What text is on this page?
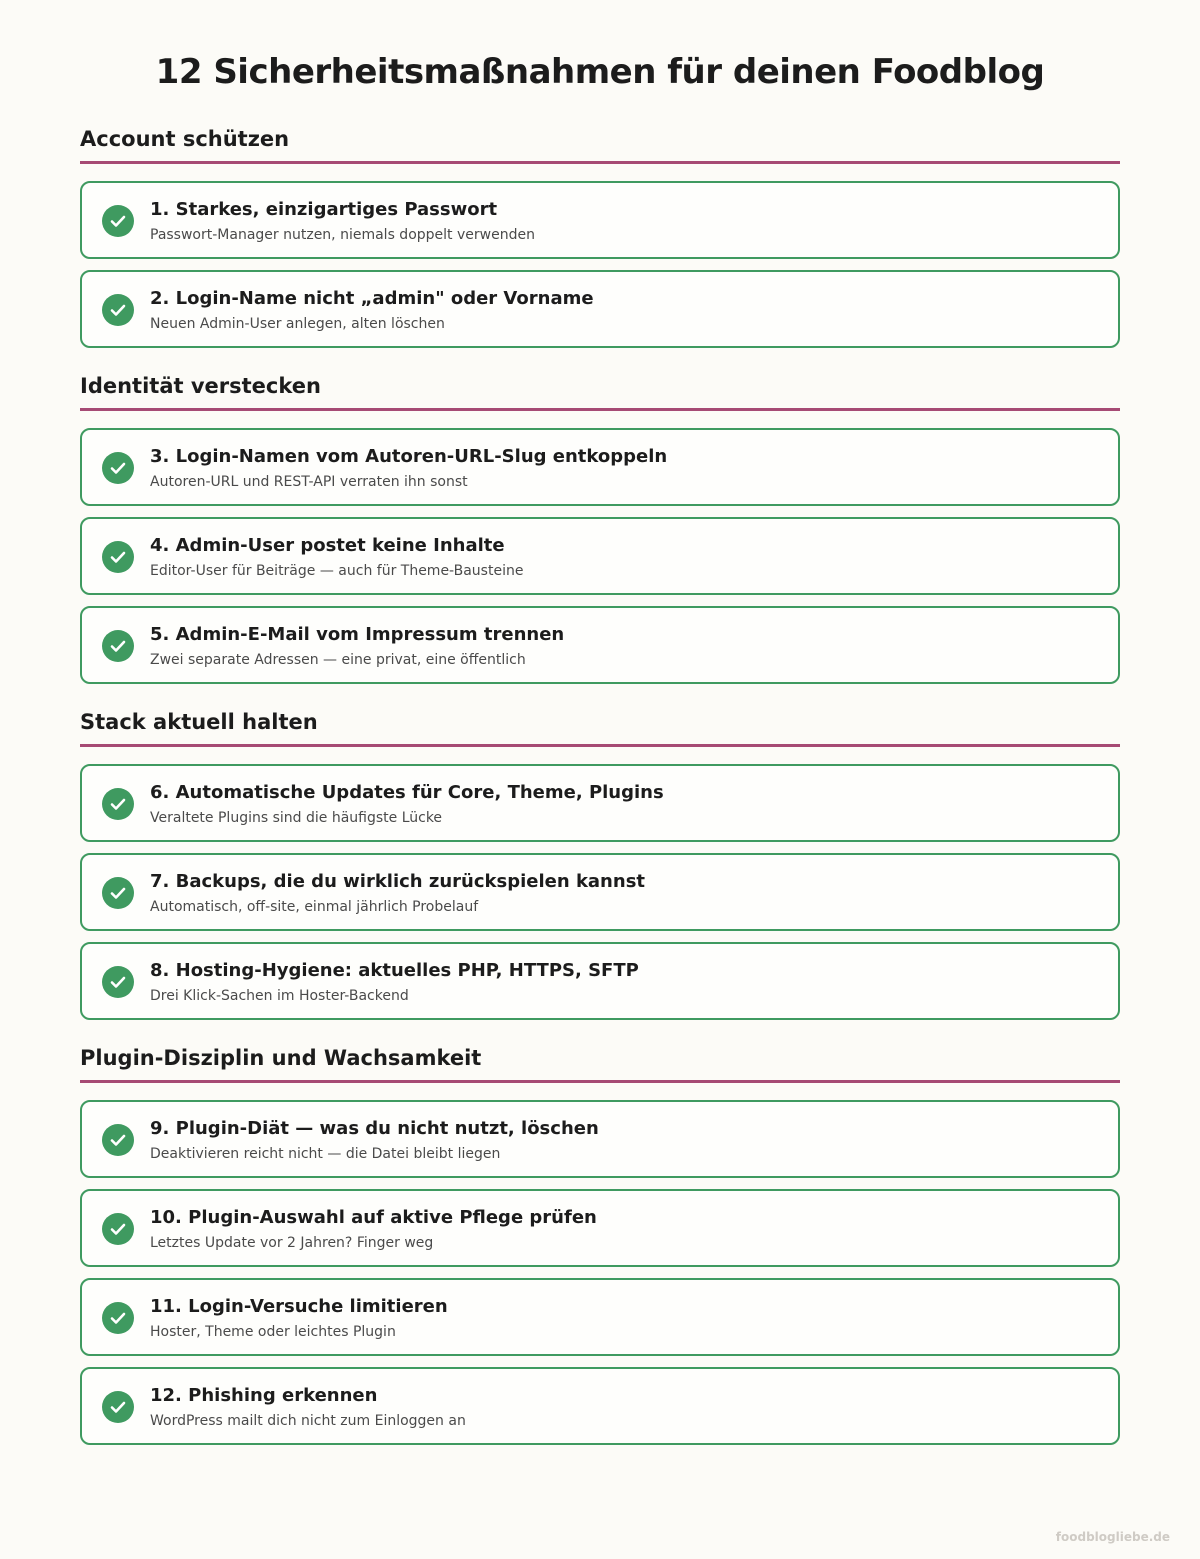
12 Sicherheitsmaßnahmen für deinen Foodblog
Account schützen
1. Starkes, einzigartiges Passwort
Passwort-Manager nutzen, niemals doppelt verwenden
2. Login-Name nicht „admin" oder Vorname
Neuen Admin-User anlegen, alten löschen
Identität verstecken
3. Login-Namen vom Autoren-URL-Slug entkoppeln
Autoren-URL und REST-API verraten ihn sonst
4. Admin-User postet keine Inhalte
Editor-User für Beiträge — auch für Theme-Bausteine
5. Admin-E-Mail vom Impressum trennen
Zwei separate Adressen — eine privat, eine öffentlich
Stack aktuell halten
6. Automatische Updates für Core, Theme, Plugins
Veraltete Plugins sind die häufigste Lücke
7. Backups, die du wirklich zurückspielen kannst
Automatisch, off-site, einmal jährlich Probelauf
8. Hosting-Hygiene: aktuelles PHP, HTTPS, SFTP
Drei Klick-Sachen im Hoster-Backend
Plugin-Disziplin und Wachsamkeit
9. Plugin-Diät — was du nicht nutzt, löschen
Deaktivieren reicht nicht — die Datei bleibt liegen
10. Plugin-Auswahl auf aktive Pflege prüfen
Letztes Update vor 2 Jahren? Finger weg
11. Login-Versuche limitieren
Hoster, Theme oder leichtes Plugin
12. Phishing erkennen
WordPress mailt dich nicht zum Einloggen an
foodblogliebe.de
